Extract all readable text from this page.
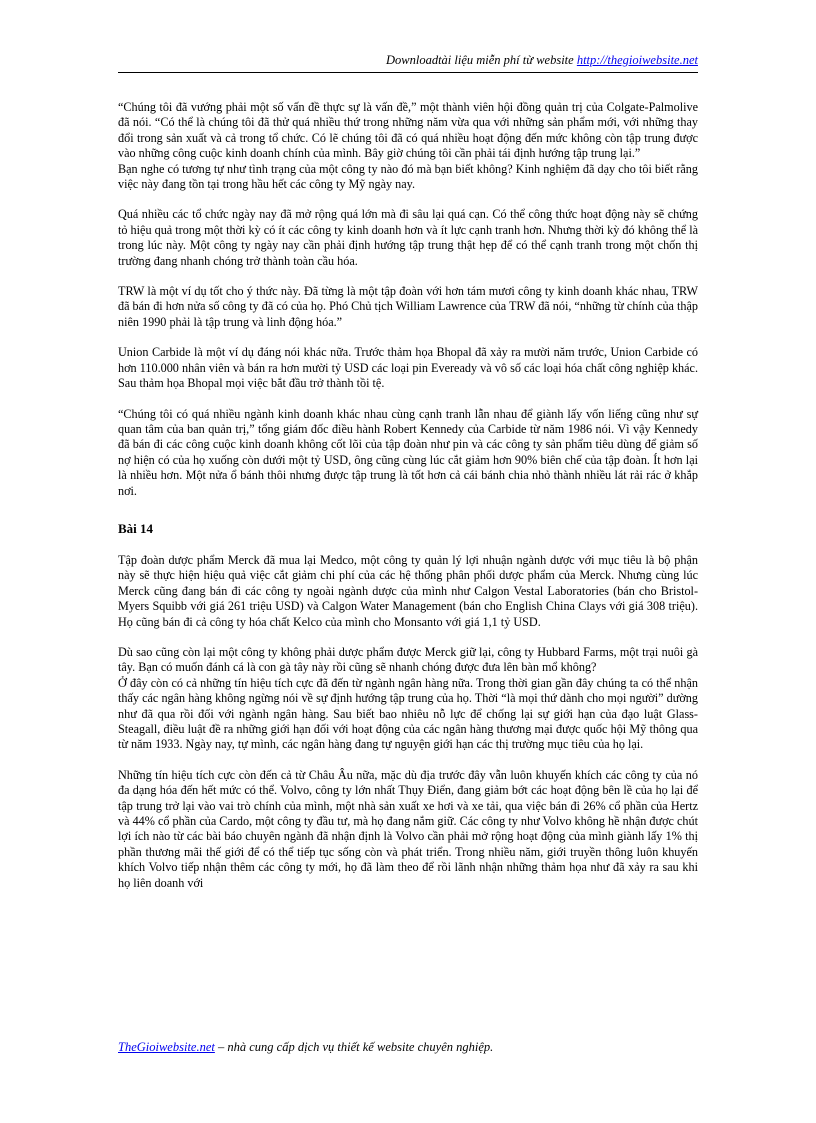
Downloadtài liệu miễn phí từ website http://thegioiwebsite.net

“Chúng tôi đã vướng phải một số vấn đề thực sự là vấn đề,” một thành viên hội đồng quản trị của Colgate-Palmolive đã nói. “Có thể là chúng tôi đã thử quá nhiều thứ trong những năm vừa qua với những sản phẩm mới, với những thay đổi trong sản xuất và cả trong tổ chức. Có lẽ chúng tôi đã có quá nhiều hoạt động đến mức không còn tập trung được vào những công cuộc kinh doanh chính của mình. Bây giờ chúng tôi cần phải tái định hướng tập trung lại.”

Bạn nghe có tương tự như tình trạng của một công ty nào đó mà bạn biết không? Kinh nghiệm đã dạy cho tôi biết rằng việc này đang tồn tại trong hầu hết các công ty Mỹ ngày nay.

Quá nhiều các tổ chức ngày nay đã mở rộng quá lớn mà đi sâu lại quá cạn. Có thể công thức hoạt động này sẽ chứng tỏ hiệu quả trong một thời kỳ có ít các công ty kinh doanh hơn và ít lực cạnh tranh hơn. Nhưng thời kỳ đó không thể là trong lúc này. Một công ty ngày nay cần phải định hướng tập trung thật hẹp để có thể cạnh tranh trong một chốn thị trường đang nhanh chóng trở thành toàn cầu hóa.

TRW là một ví dụ tốt cho ý thức này. Đã từng là một tập đoàn với hơn tám mươi công ty kinh doanh khác nhau, TRW đã bán đi hơn nửa số công ty đã có của họ. Phó Chủ tịch William Lawrence của TRW đã nói, “những từ chính của thập niên 1990 phải là tập trung và linh động hóa.”

Union Carbide là một ví dụ đáng nói khác nữa. Trước thảm họa Bhopal đã xảy ra mười năm trước, Union Carbide có hơn 110.000 nhân viên và bán ra hơn mười tỷ USD các loại pin Eveready và vô số các loại hóa chất công nghiệp khác. Sau thảm họa Bhopal mọi việc bắt đầu trở thành tồi tệ.

“Chúng tôi có quá nhiều ngành kinh doanh khác nhau cùng cạnh tranh lẫn nhau để giành lấy vốn liếng cũng như sự quan tâm của ban quản trị,” tổng giám đốc điều hành Robert Kennedy của Carbide từ năm 1986 nói. Vì vậy Kennedy đã bán đi các công cuộc kinh doanh không cốt lõi của tập đoàn như pin và các công ty sản phẩm tiêu dùng để giảm số nợ hiện có của họ xuống còn dưới một tỷ USD, ông cũng cùng lúc cắt giảm hơn 90% biên chế của tập đoàn. Ít hơn lại là nhiều hơn. Một nửa ổ bánh thôi nhưng được tập trung là tốt hơn cả cái bánh chia nhỏ thành nhiều lát rải rác ở khắp nơi.

Bài 14

Tập đoàn dược phẩm Merck đã mua lại Medco, một công ty quản lý lợi nhuận ngành dược với mục tiêu là bộ phận này sẽ thực hiện hiệu quả việc cắt giảm chi phí của các hệ thống phân phối dược phẩm của Merck. Nhưng cùng lúc Merck cũng đang bán đi các công ty ngoài ngành dược của mình như Calgon Vestal Laboratories (bán cho Bristol-Myers Squibb với giá 261 triệu USD) và Calgon Water Management (bán cho English China Clays với giá 308 triệu). Họ cũng bán đi cả công ty hóa chất Kelco của mình cho Monsanto với giá 1,1 tỷ USD.

Dù sao cũng còn lại một công ty không phải dược phẩm được Merck giữ lại, công ty Hubbard Farms, một trại nuôi gà tây. Bạn có muốn đánh cá là con gà tây này rồi cũng sẽ nhanh chóng được đưa lên bàn mổ không?

Ở đây còn có cả những tín hiệu tích cực đã đến từ ngành ngân hàng nữa. Trong thời gian gần đây chúng ta có thể nhận thấy các ngân hàng không ngừng nói về sự định hướng tập trung của họ. Thời “là mọi thứ dành cho mọi người” dường như đã qua rồi đối với ngành ngân hàng. Sau biết bao nhiêu nỗ lực để chống lại sự giới hạn của đạo luật Glass-Steagall, điều luật đề ra những giới hạn đối với hoạt động của các ngân hàng thương mại được quốc hội Mỹ thông qua từ năm 1933. Ngày nay, tự mình, các ngân hàng đang tự nguyện giới hạn các thị trường mục tiêu của họ lại.

Những tín hiệu tích cực còn đến cả từ Châu Âu nữa, mặc dù địa trước đây vẫn luôn khuyến khích các công ty của nó đa dạng hóa đến hết mức có thể. Volvo, công ty lớn nhất Thụy Điển, đang giảm bớt các hoạt động bên lề của họ lại để tập trung trở lại vào vai trò chính của mình, một nhà sản xuất xe hơi và xe tải, qua việc bán đi 26% cổ phần của Hertz và 44% cổ phần của Cardo, một công ty đầu tư, mà họ đang nắm giữ. Các công ty như Volvo không hề nhận được chút lợi ích nào từ các bài báo chuyên ngành đã nhận định là Volvo cần phải mở rộng hoạt động của mình giành lấy 1% thị phần thương mãi thế giới để có thể tiếp tục sống còn và phát triển. Trong nhiều năm, giới truyền thông luôn khuyến khích Volvo tiếp nhận thêm các công ty mới, họ đã làm theo để rồi lãnh nhận những thảm họa như đã xảy ra sau khi họ liên doanh với

TheGioiwebsite.net – nhà cung cấp dịch vụ thiết kế website chuyên nghiệp.
